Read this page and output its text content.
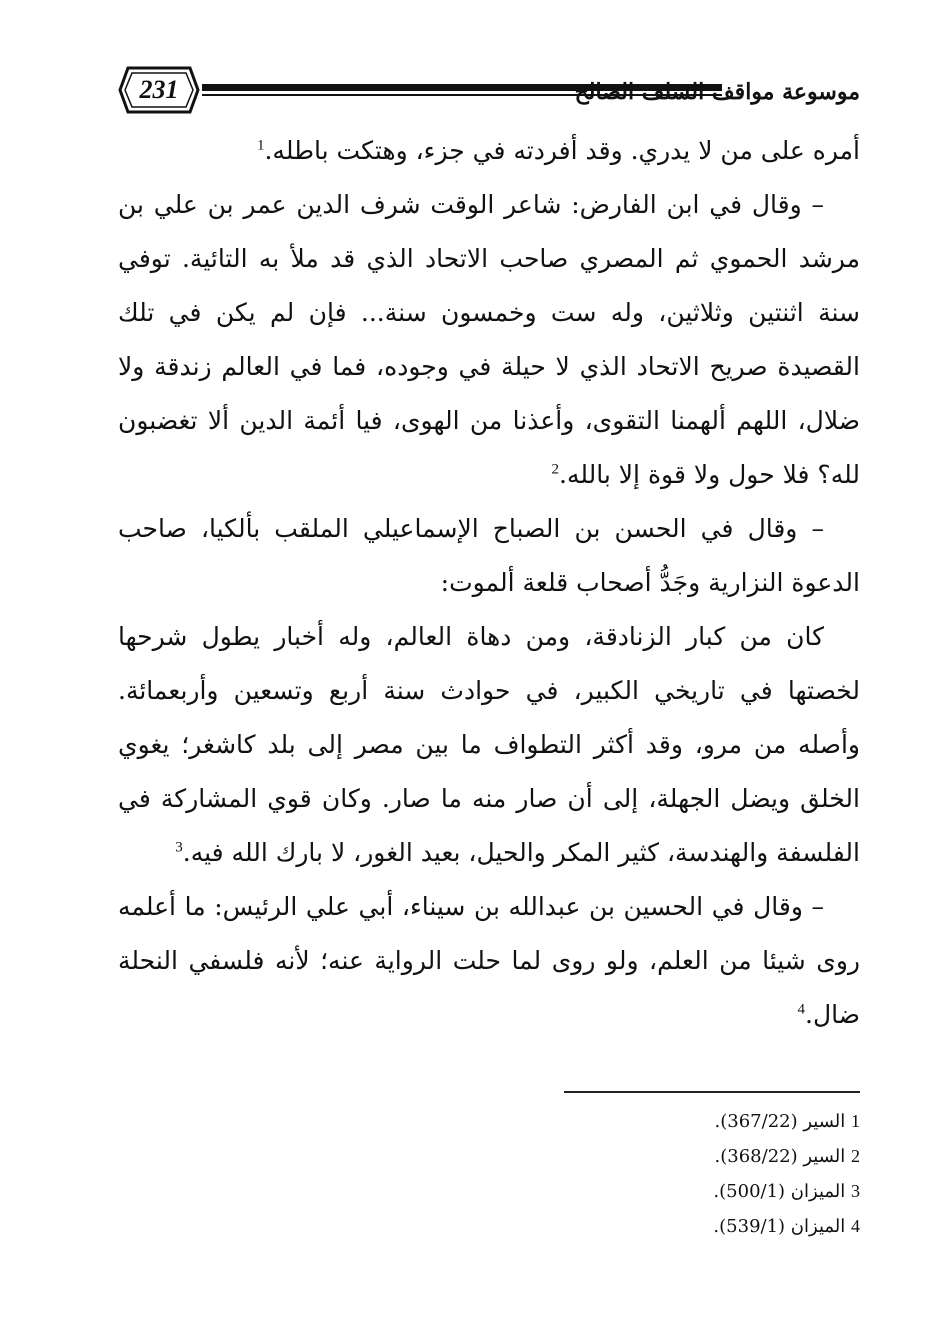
231	موسوعة مواقف السلف الصالح

أمره على من لا يدري. وقد أفردته في جزء، وهتكت باطله.$^1$

– وقال في ابن الفارض: شاعر الوقت شرف الدين عمر بن علي بن مرشد الحموي ثم المصري صاحب الاتحاد الذي قد ملأ به التائية. توفي سنة اثنتين وثلاثين، وله ست وخمسون سنة... فإن لم يكن في تلك القصيدة صريح الاتحاد الذي لا حيلة في وجوده، فما في العالم زندقة ولا ضلال، اللهم ألهمنا التقوى، وأعذنا من الهوى، فيا أئمة الدين ألا تغضبون لله؟ فلا حول ولا قوة إلا بالله.$^2$

– وقال في الحسن بن الصباح الإسماعيلي الملقب بألكيا، صاحب الدعوة النزارية وجَدُّ أصحاب قلعة ألموت:

كان من كبار الزنادقة، ومن دهاة العالم، وله أخبار يطول شرحها لخصتها في تاريخي الكبير، في حوادث سنة أربع وتسعين وأربعمائة. وأصله من مرو، وقد أكثر التطواف ما بين مصر إلى بلد كاشغر؛ يغوي الخلق ويضل الجهلة، إلى أن صار منه ما صار. وكان قوي المشاركة في الفلسفة والهندسة، كثير المكر والحيل، بعيد الغور، لا بارك الله فيه.$^3$

– وقال في الحسين بن عبدالله بن سيناء، أبي علي الرئيس: ما أعلمه روى شيئا من العلم، ولو روى لما حلت الرواية عنه؛ لأنه فلسفي النحلة ضال.$^4$

1 السير (367/22).
2 السير (368/22).
3 الميزان (500/1).
4 الميزان (539/1).
